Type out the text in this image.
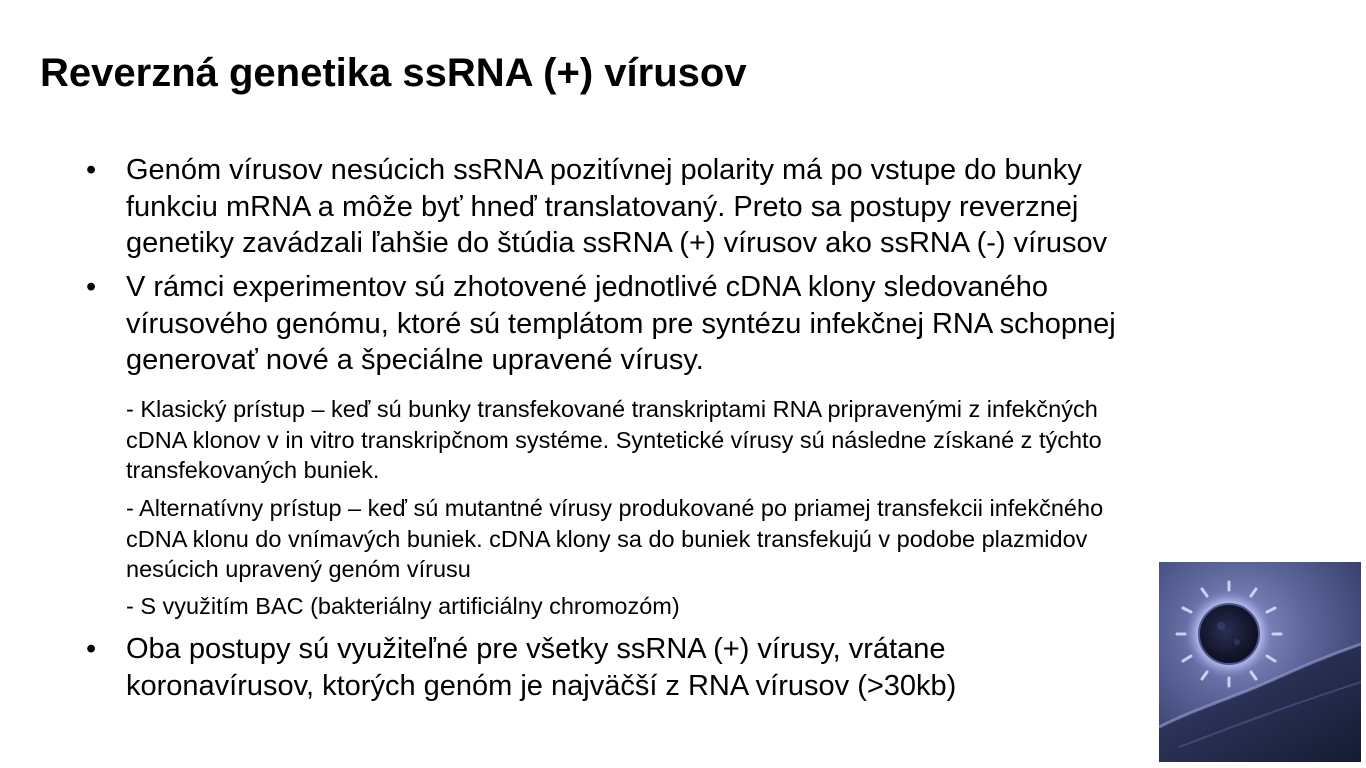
Reverzná genetika ssRNA (+) vírusov
•	Genóm vírusov nesúcich ssRNA pozitívnej polarity má po vstupe do bunky
funkciu mRNA a môže byť hneď translatovaný. Preto sa postupy reverznej
genetiky zavádzali ľahšie do štúdia ssRNA (+) vírusov ako ssRNA (-) vírusov
•	V rámci experimentov sú zhotovené jednotlivé cDNA klony sledovaného
vírusového genómu, ktoré sú templátom pre syntézu infekčnej RNA schopnej
generovať nové a špeciálne upravené vírusy.
- Klasický prístup – keď sú bunky transfekované transkriptami RNA pripravenými z infekčných
cDNA klonov v in vitro transkripčnom systéme. Syntetické vírusy sú následne získané z týchto
transfekovaných buniek.
- Alternatívny prístup – keď sú mutantné vírusy produkované po priamej transfekcii infekčného
cDNA klonu do vnímavých buniek. cDNA klony sa do buniek transfekujú v podobe plazmidov
nesúcich upravený genóm vírusu
- S využitím BAC (bakteriálny artificiálny chromozóm)
•	Oba postupy sú využiteľné pre všetky ssRNA (+) vírusy, vrátane
koronavírusov, ktorých genóm je najväčší z RNA vírusov (>30kb)
